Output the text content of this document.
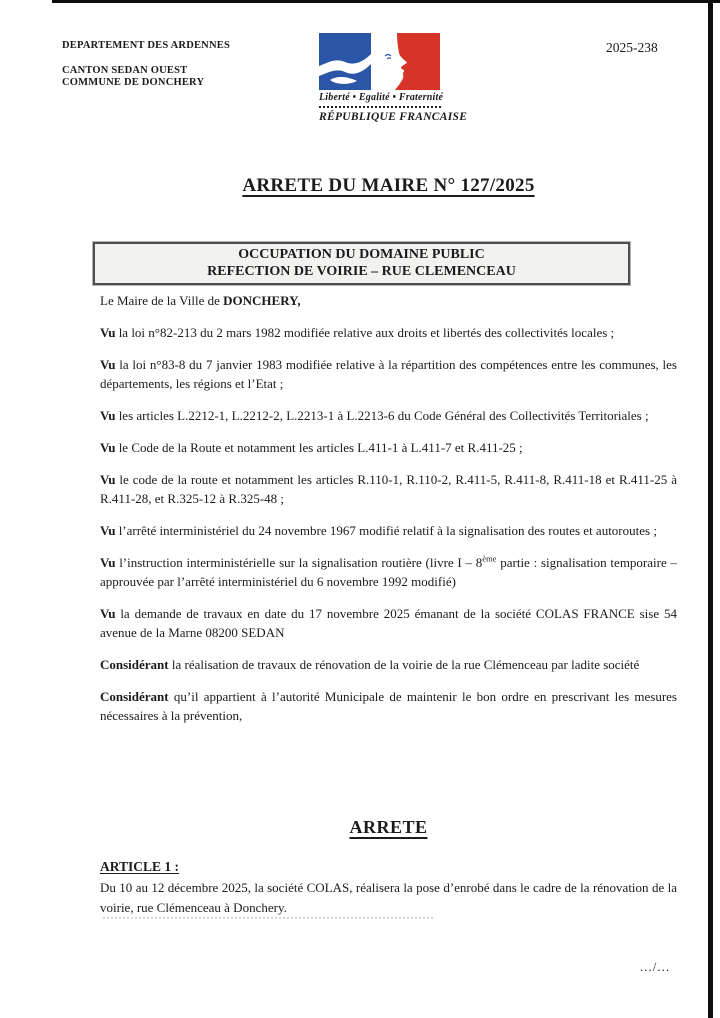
DEPARTEMENT DES ARDENNES
CANTON SEDAN OUEST
COMMUNE DE DONCHERY
2025-238
Liberté • Egalité • Fraternité
RÉPUBLIQUE FRANCAISE
ARRETE DU MAIRE N° 127/2025
OCCUPATION DU DOMAINE PUBLIC
REFECTION DE VOIRIE – RUE CLEMENCEAU

Le Maire de la Ville de DONCHERY,

Vu la loi n°82-213 du 2 mars 1982 modifiée relative aux droits et libertés des collectivités locales ;

Vu la loi n°83-8 du 7 janvier 1983 modifiée relative à la répartition des compétences entre les communes, les départements, les régions et l’Etat ;

Vu les articles L.2212-1, L.2212-2, L.2213-1 à L.2213-6 du Code Général des Collectivités Territoriales ;

Vu le Code de la Route et notamment les articles L.411-1 à L.411-7 et R.411-25 ;

Vu le code de la route et notamment les articles R.110-1, R.110-2, R.411-5, R.411-8, R.411-18 et R.411-25 à R.411-28, et R.325-12 à R.325-48 ;

Vu l’arrêté interministériel du 24 novembre 1967 modifié relatif à la signalisation des routes et autoroutes ;

Vu l’instruction interministérielle sur la signalisation routière (livre I – 8ème partie : signalisation temporaire – approuvée par l’arrêté interministériel du 6 novembre 1992 modifié)

Vu la demande de travaux en date du 17 novembre 2025 émanant de la société COLAS FRANCE sise 54 avenue de la Marne 08200 SEDAN

Considérant la réalisation de travaux de rénovation de la voirie de la rue Clémenceau par ladite société

Considérant qu’il appartient à l’autorité Municipale de maintenir le bon ordre en prescrivant les mesures nécessaires à la prévention,

ARRETE
ARTICLE 1 :
Du 10 au 12 décembre 2025, la société COLAS, réalisera la pose d’enrobé dans le cadre de la rénovation de la voirie, rue Clémenceau à Donchery.
.../...
